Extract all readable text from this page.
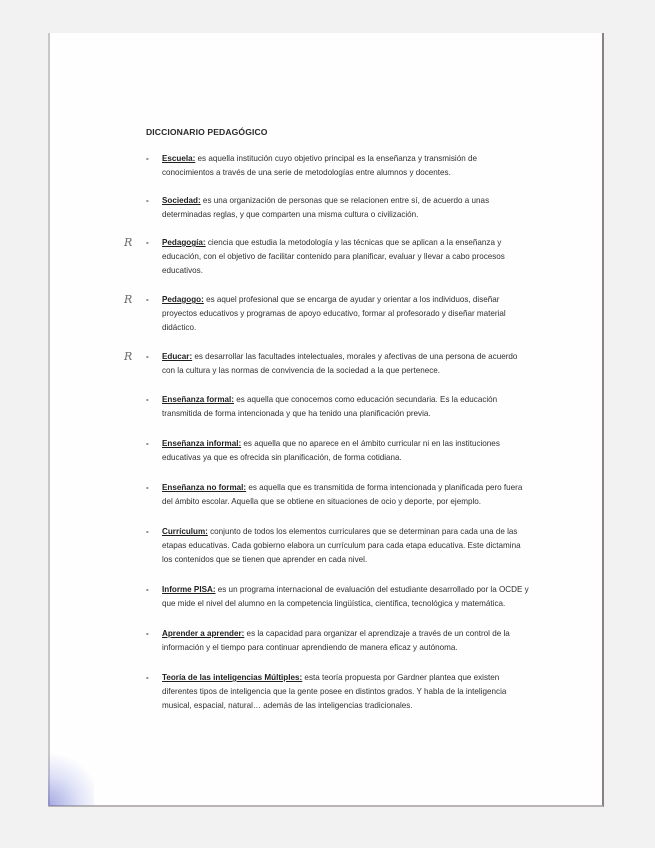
DICCIONARIO PEDAGÓGICO
- Escuela: es aquella institución cuyo objetivo principal es la enseñanza y transmisión de conocimientos a través de una serie de metodologías entre alumnos y docentes.
- Sociedad: es una organización de personas que se relacionen entre sí, de acuerdo a unas determinadas reglas, y que comparten una misma cultura o civilización.
R - Pedagogía: ciencia que estudia la metodología y las técnicas que se aplican a la enseñanza y educación, con el objetivo de facilitar contenido para planificar, evaluar y llevar a cabo procesos educativos.
R - Pedagogo: es aquel profesional que se encarga de ayudar y orientar a los individuos, diseñar proyectos educativos y programas de apoyo educativo, formar al profesorado y diseñar material didáctico.
R - Educar: es desarrollar las facultades intelectuales, morales y afectivas de una persona de acuerdo con la cultura y las normas de convivencia de la sociedad a la que pertenece.
- Enseñanza formal: es aquella que conocemos como educación secundaria. Es la educación transmitida de forma intencionada y que ha tenido una planificación previa.
- Enseñanza informal: es aquella que no aparece en el ámbito curricular ni en las instituciones educativas ya que es ofrecida sin planificación, de forma cotidiana.
- Enseñanza no formal: es aquella que es transmitida de forma intencionada y planificada pero fuera del ámbito escolar. Aquella que se obtiene en situaciones de ocio y deporte, por ejemplo.
- Currículum: conjunto de todos los elementos curriculares que se determinan para cada una de las etapas educativas. Cada gobierno elabora un currículum para cada etapa educativa. Este dictamina los contenidos que se tienen que aprender en cada nivel.
- Informe PISA: es un programa internacional de evaluación del estudiante desarrollado por la OCDE y que mide el nivel del alumno en la competencia lingüística, científica, tecnológica y matemática.
- Aprender a aprender: es la capacidad para organizar el aprendizaje a través de un control de la información y el tiempo para continuar aprendiendo de manera eficaz y autónoma.
- Teoría de las inteligencias Múltiples: esta teoría propuesta por Gardner plantea que existen diferentes tipos de inteligencia que la gente posee en distintos grados. Y habla de la inteligencia musical, espacial, natural… además de las inteligencias tradicionales.
